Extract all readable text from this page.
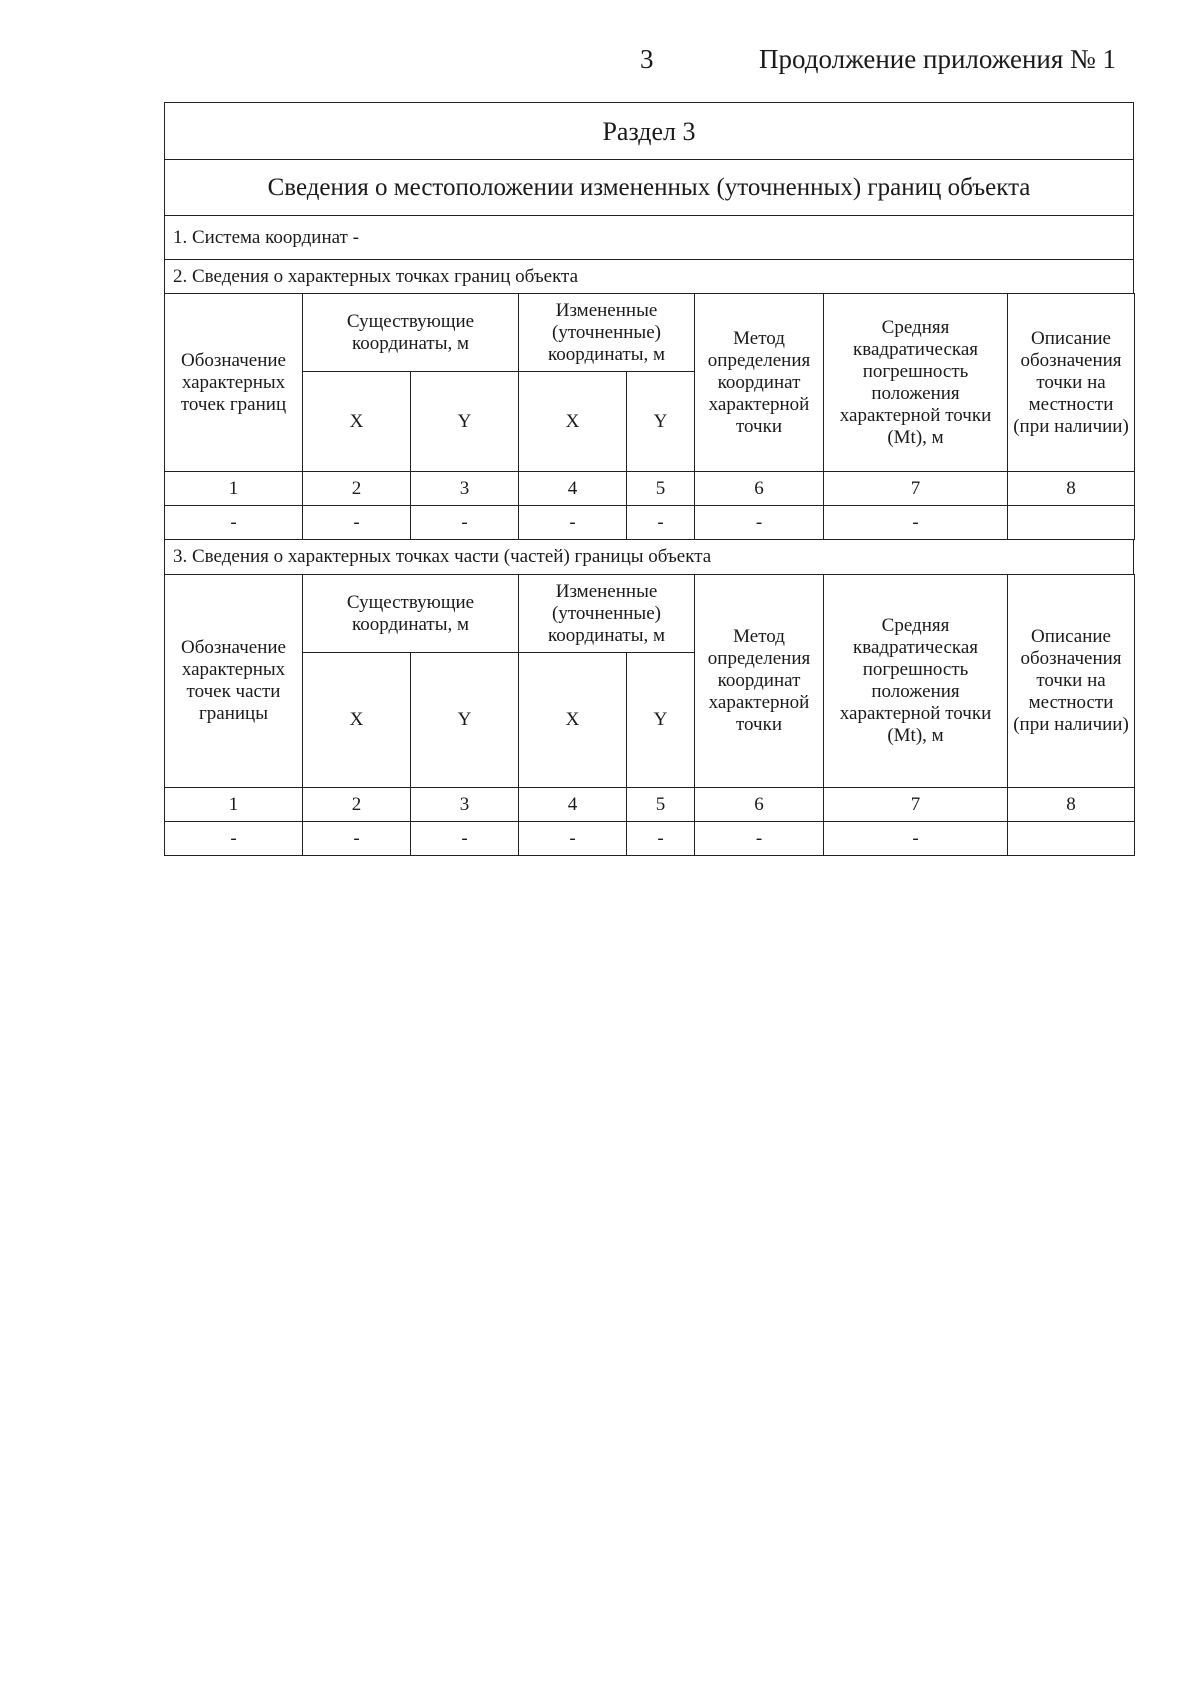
3	Продолжение приложения № 1
Раздел 3
Сведения о местоположении измененных (уточненных) границ объекта
1. Система координат -
2. Сведения о характерных точках границ объекта
Обозначение характерных точек границ	Существующие координаты, м		Измененные (уточненные) координаты, м		Метод определения координат характерной точки	Средняя квадратическая погрешность положения характерной точки (Mt), м	Описание обозначения точки на местности (при наличии)
	X	Y	X	Y			
1	2	3	4	5	6	7	8
-	-	-	-	-	-	-	
3. Сведения о характерных точках части (частей) границы объекта
Обозначение характерных точек части границы	Существующие координаты, м		Измененные (уточненные) координаты, м		Метод определения координат характерной точки	Средняя квадратическая погрешность положения характерной точки (Mt), м	Описание обозначения точки на местности (при наличии)
	X	Y	X	Y			
1	2	3	4	5	6	7	8
-	-	-	-	-	-	-	
